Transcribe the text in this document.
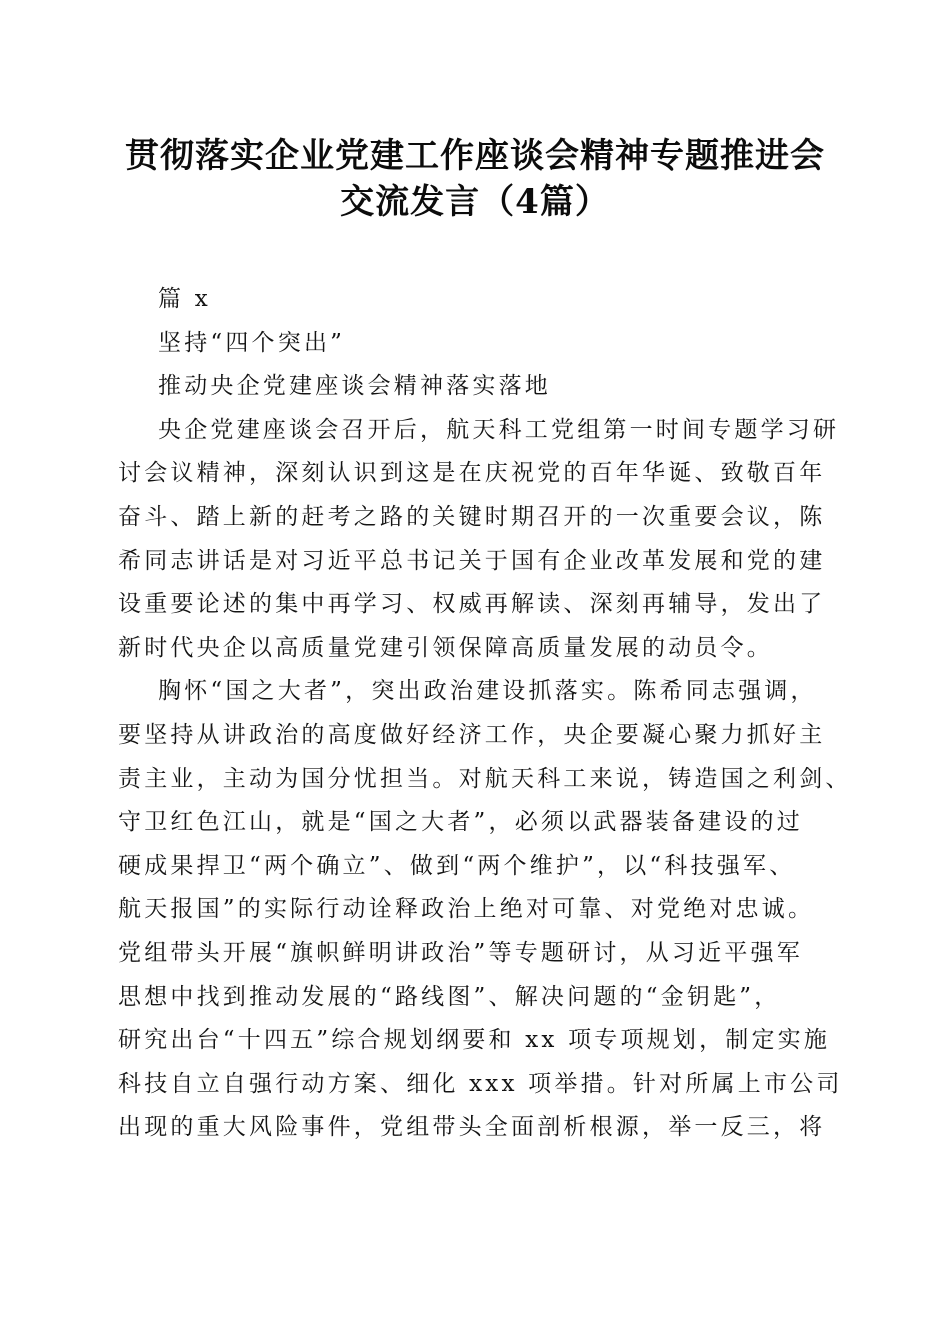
贯彻落实企业党建工作座谈会精神专题推进会
交流发言（4篇）
篇 x
坚持“四个突出”
推动央企党建座谈会精神落实落地
央企党建座谈会召开后，航天科工党组第一时间专题学习研
讨会议精神，深刻认识到这是在庆祝党的百年华诞、致敬百年
奋斗、踏上新的赶考之路的关键时期召开的一次重要会议，陈
希同志讲话是对习近平总书记关于国有企业改革发展和党的建
设重要论述的集中再学习、权威再解读、深刻再辅导，发出了
新时代央企以高质量党建引领保障高质量发展的动员令。
胸怀“国之大者”，突出政治建设抓落实。陈希同志强调，
要坚持从讲政治的高度做好经济工作，央企要凝心聚力抓好主
责主业，主动为国分忧担当。对航天科工来说，铸造国之利剑、
守卫红色江山，就是“国之大者”，必须以武器装备建设的过
硬成果捍卫“两个确立”、做到“两个维护”，以“科技强军、
航天报国”的实际行动诠释政治上绝对可靠、对党绝对忠诚。
党组带头开展“旗帜鲜明讲政治”等专题研讨，从习近平强军
思想中找到推动发展的“路线图”、解决问题的“金钥匙”，
研究出台“十四五”综合规划纲要和 xx 项专项规划，制定实施
科技自立自强行动方案、细化 xxx 项举措。针对所属上市公司
出现的重大风险事件，党组带头全面剖析根源，举一反三，将
